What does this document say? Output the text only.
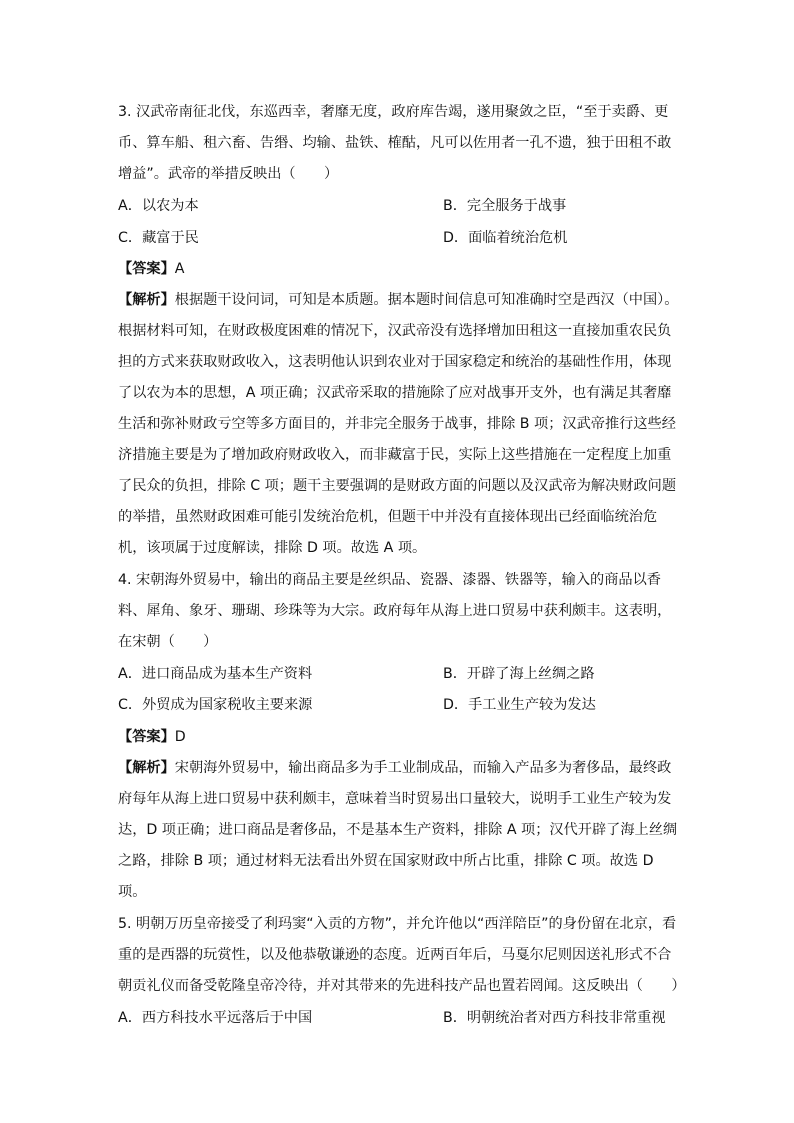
3. 汉武帝南征北伐，东巡西幸，奢靡无度，政府库告竭，遂用聚敛之臣，“至于卖爵、更
币、算车船、租六畜、告缗、均输、盐铁、榷酤，凡可以佐用者一孔不遗，独于田租不敢
增益”。武帝的举措反映出（　　）
A．以农为本	B．完全服务于战事
C．藏富于民	D．面临着统治危机
【答案】A
【解析】根据题干设问词，可知是本质题。据本题时间信息可知准确时空是西汉（中国）。
根据材料可知，在财政极度困难的情况下，汉武帝没有选择增加田租这一直接加重农民负
担的方式来获取财政收入，这表明他认识到农业对于国家稳定和统治的基础性作用，体现
了以农为本的思想，A 项正确；汉武帝采取的措施除了应对战事开支外，也有满足其奢靡
生活和弥补财政亏空等多方面目的，并非完全服务于战事，排除 B 项；汉武帝推行这些经
济措施主要是为了增加政府财政收入，而非藏富于民，实际上这些措施在一定程度上加重
了民众的负担，排除 C 项；题干主要强调的是财政方面的问题以及汉武帝为解决财政问题
的举措，虽然财政困难可能引发统治危机，但题干中并没有直接体现出已经面临统治危
机，该项属于过度解读，排除 D 项。故选 A 项。
4. 宋朝海外贸易中，输出的商品主要是丝织品、瓷器、漆器、铁器等，输入的商品以香
料、犀角、象牙、珊瑚、珍珠等为大宗。政府每年从海上进口贸易中获利颇丰。这表明，
在宋朝（　　）
A．进口商品成为基本生产资料	B．开辟了海上丝绸之路
C．外贸成为国家税收主要来源	D．手工业生产较为发达
【答案】D
【解析】宋朝海外贸易中，输出商品多为手工业制成品，而输入产品多为奢侈品，最终政
府每年从海上进口贸易中获利颇丰，意味着当时贸易出口量较大，说明手工业生产较为发
达，D 项正确；进口商品是奢侈品，不是基本生产资料，排除 A 项；汉代开辟了海上丝绸
之路，排除 B 项；通过材料无法看出外贸在国家财政中所占比重，排除 C 项。故选 D
项。
5. 明朝万历皇帝接受了利玛窦“入贡的方物”，并允许他以“西洋陪臣”的身份留在北京，看
重的是西器的玩赏性，以及他恭敬谦逊的态度。近两百年后，马戛尔尼则因送礼形式不合
朝贡礼仪而备受乾隆皇帝冷待，并对其带来的先进科技产品也置若罔闻。这反映出（　　）
A．西方科技水平远落后于中国	B．明朝统治者对西方科技非常重视
